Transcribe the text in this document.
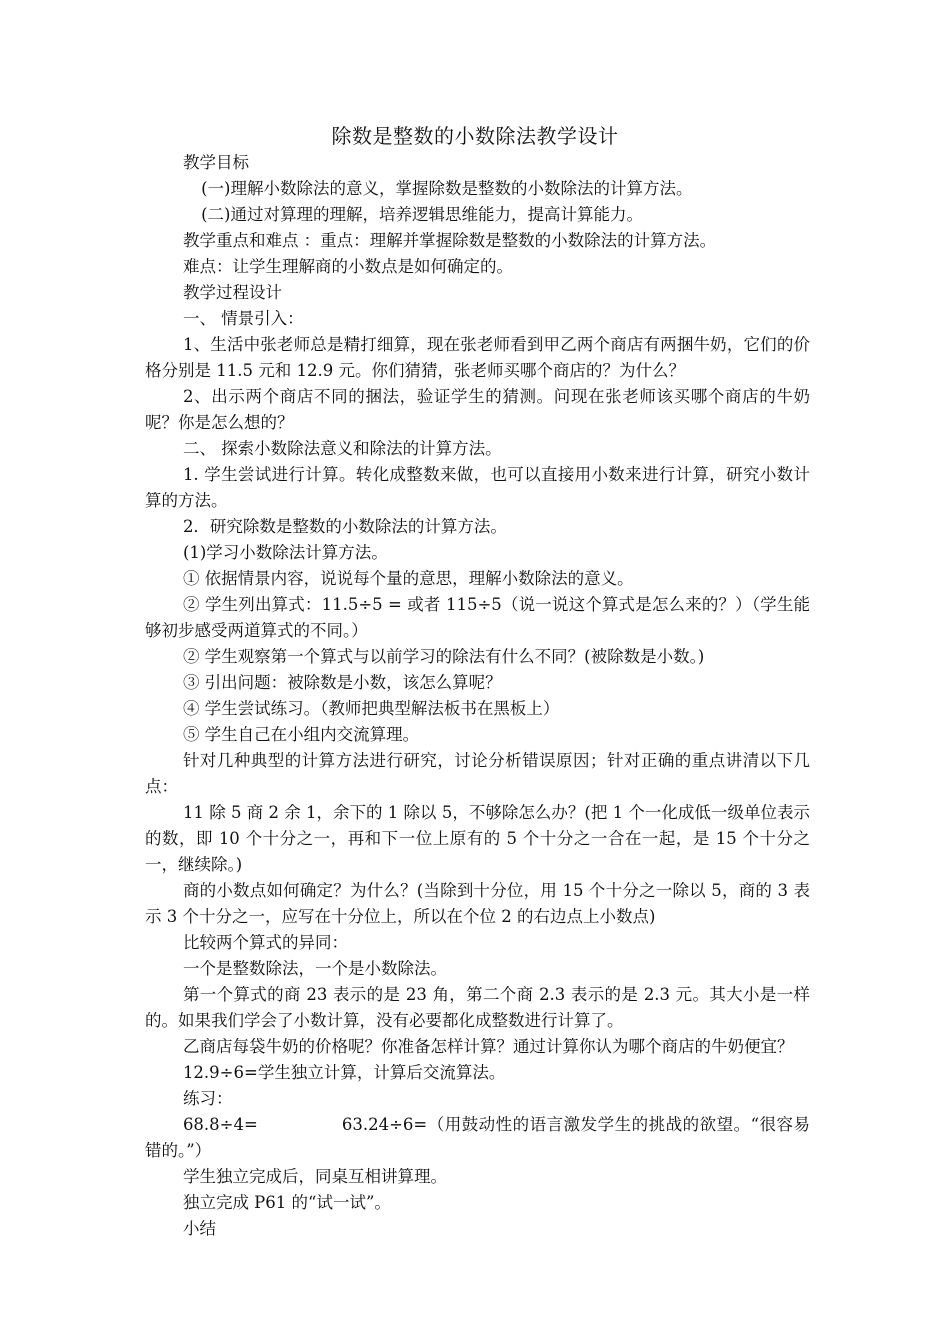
除数是整数的小数除法教学设计

教学目标

(一)理解小数除法的意义，掌握除数是整数的小数除法的计算方法。

(二)通过对算理的理解，培养逻辑思维能力，提高计算能力。

教学重点和难点 ：重点：理解并掌握除数是整数的小数除法的计算方法。

难点：让学生理解商的小数点是如何确定的。

教学过程设计

一、 情景引入：

1、生活中张老师总是精打细算，现在张老师看到甲乙两个商店有两捆牛奶，它们的价格分别是 11.5 元和 12.9 元。你们猜猜，张老师买哪个商店的？为什么？

2、出示两个商店不同的捆法，验证学生的猜测。问现在张老师该买哪个商店的牛奶呢？你是怎么想的？

二、 探索小数除法意义和除法的计算方法。

1. 学生尝试进行计算。转化成整数来做，也可以直接用小数来进行计算，研究小数计算的方法。

2．研究除数是整数的小数除法的计算方法。

(1)学习小数除法计算方法。

① 依据情景内容，说说每个量的意思，理解小数除法的意义。

② 学生列出算式：11.5÷5 = 或者 115÷5（说一说这个算式是怎么来的？）（学生能够初步感受两道算式的不同。）

② 学生观察第一个算式与以前学习的除法有什么不同？(被除数是小数。)

③ 引出问题：被除数是小数，该怎么算呢？

④ 学生尝试练习。（教师把典型解法板书在黑板上）

⑤ 学生自己在小组内交流算理。

针对几种典型的计算方法进行研究，讨论分析错误原因；针对正确的重点讲清以下几点：

11 除 5 商 2 余 1，余下的 1 除以 5，不够除怎么办？(把 1 个一化成低一级单位表示的数，即 10 个十分之一，再和下一位上原有的 5 个十分之一合在一起，是 15 个十分之一，继续除。)

商的小数点如何确定？为什么？(当除到十分位，用 15 个十分之一除以 5，商的 3 表示 3 个十分之一，应写在十分位上，所以在个位 2 的右边点上小数点)

比较两个算式的异同：

一个是整数除法，一个是小数除法。

第一个算式的商 23 表示的是 23 角，第二个商 2.3 表示的是 2.3 元。其大小是一样的。如果我们学会了小数计算，没有必要都化成整数进行计算了。

乙商店每袋牛奶的价格呢？你准备怎样计算？通过计算你认为哪个商店的牛奶便宜？

12.9÷6=学生独立计算，计算后交流算法。

练习：

68.8÷4=	63.24÷6=（用鼓动性的语言激发学生的挑战的欲望。“很容易错的。”）

学生独立完成后，同桌互相讲算理。

独立完成 P61 的“试一试”。

小结
